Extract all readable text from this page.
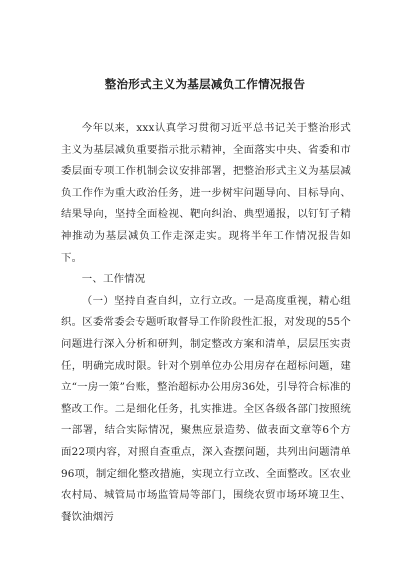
整治形式主义为基层减负工作情况报告

今年以来，xxx认真学习贯彻习近平总书记关于整治形式主义为基层减负重要指示批示精神，全面落实中央、省委和市委层面专项工作机制会议安排部署，把整治形式主义为基层减负工作作为重大政治任务，进一步树牢问题导向、目标导向、结果导向，坚持全面检视、靶向纠治、典型通报，以钉钉子精神推动为基层减负工作走深走实。现将半年工作情况报告如下。

一、工作情况

（一）坚持自查自纠，立行立改。一是高度重视，精心组织。区委常委会专题听取督导工作阶段性汇报，对发现的55个问题进行深入分析和研判，制定整改方案和清单，层层压实责任，明确完成时限。针对个别单位办公用房存在超标问题，建立“一房一策”台账，整治超标办公用房36处，引导符合标准的整改工作。二是细化任务，扎实推进。全区各级各部门按照统一部署，结合实际情况，聚焦应景造势、做表面文章等6个方面22项内容，对照自查重点，深入查摆问题，共列出问题清单96项，制定细化整改措施，实现立行立改、全面整改。区农业农村局、城管局市场监管局等部门，围绕农贸市场环境卫生、餐饮油烟污
